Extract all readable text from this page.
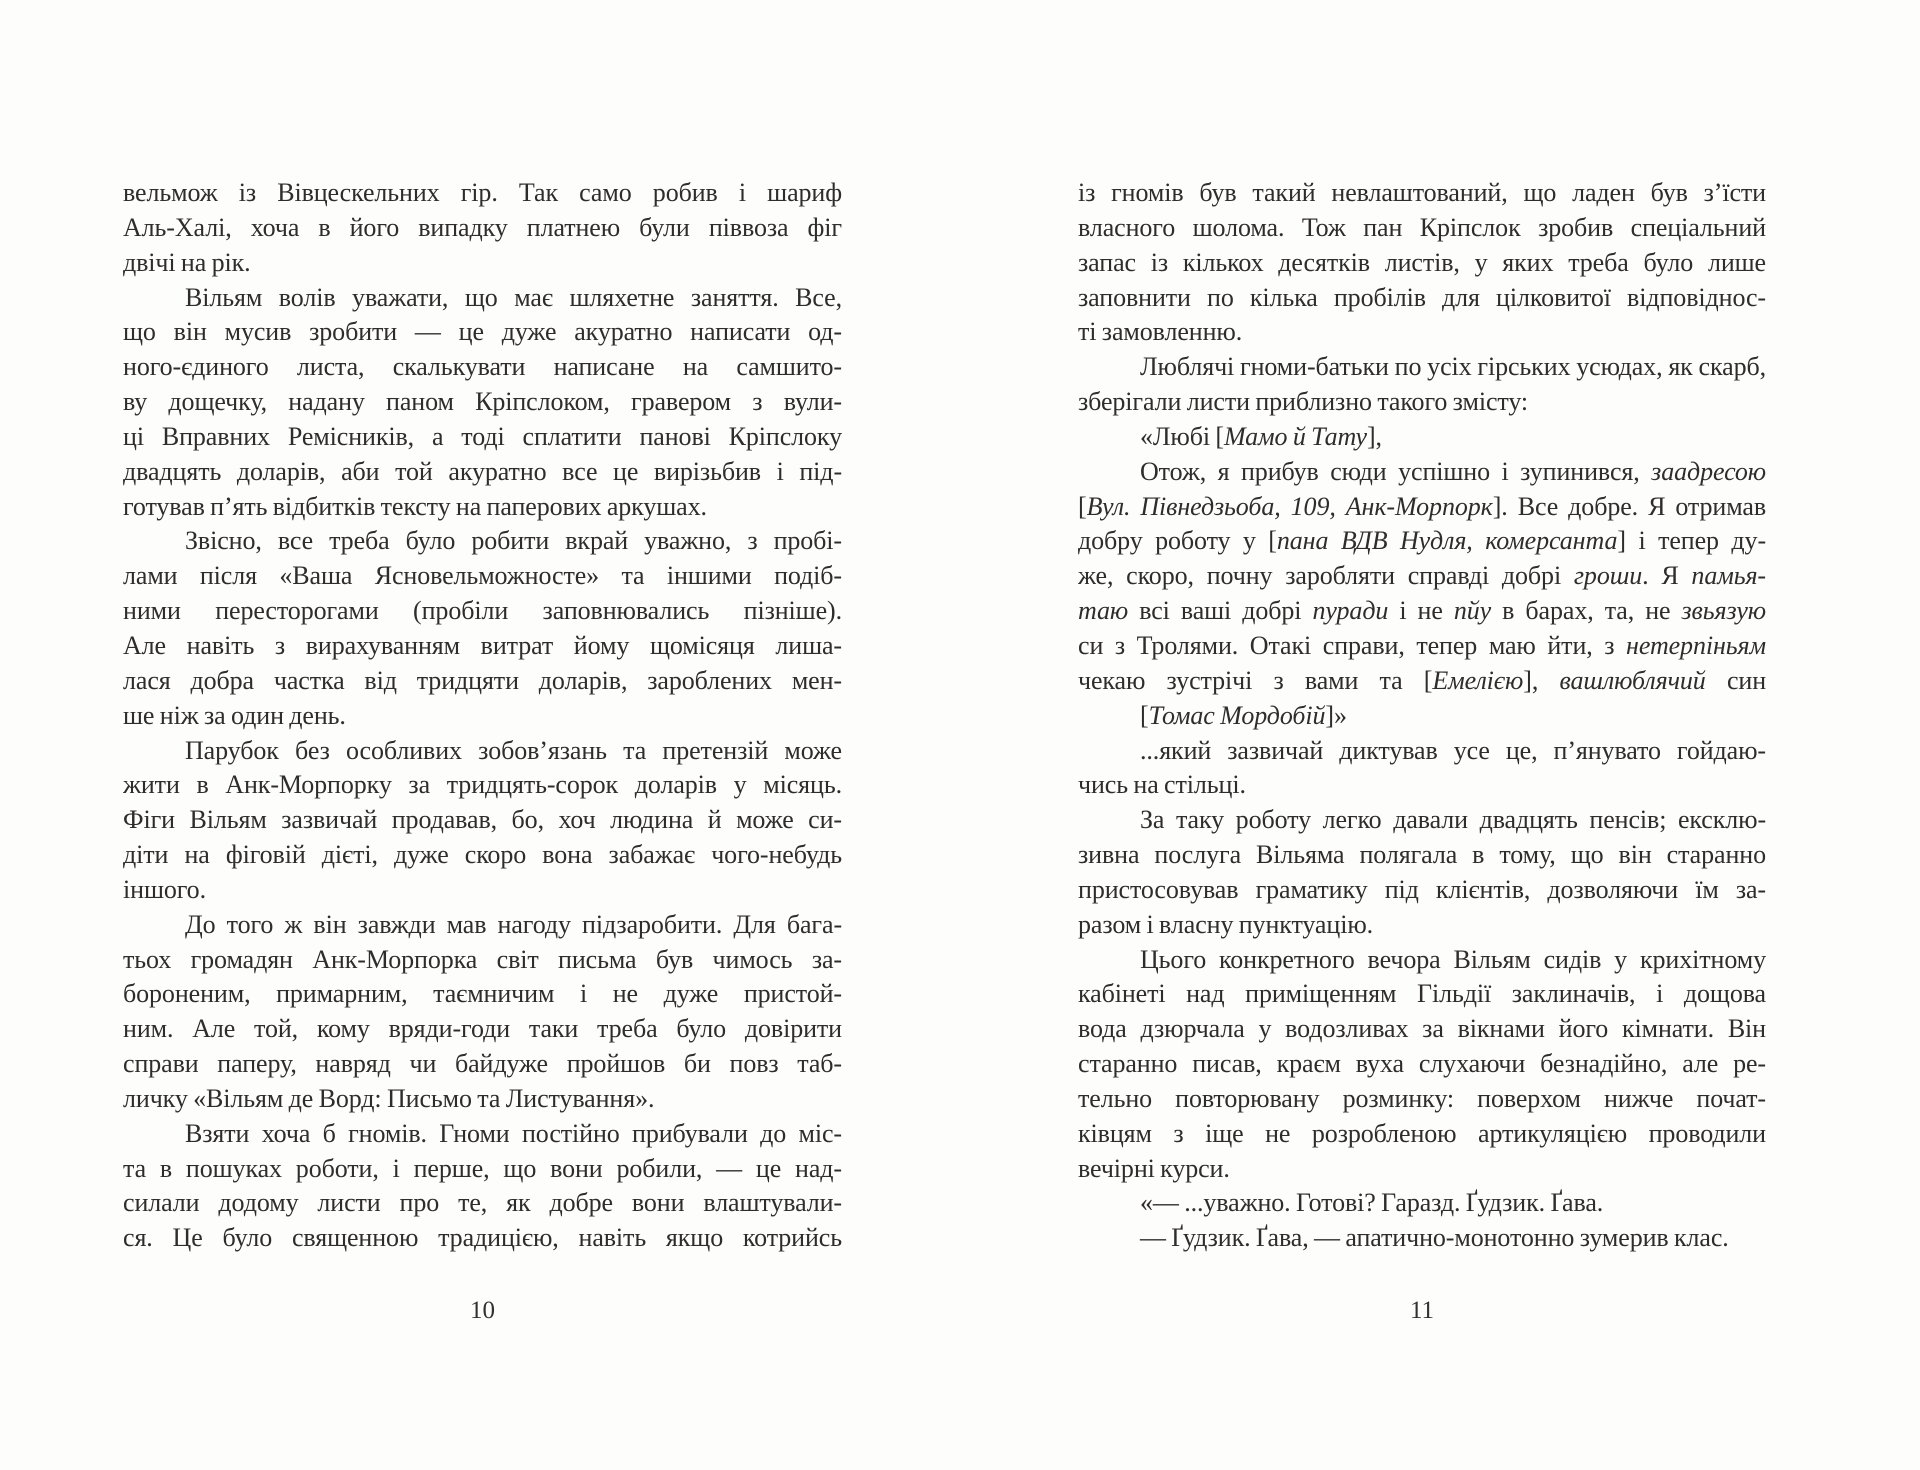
вельмож із Вівцескельних гір. Так само робив і шариф
Аль-Халі, хоча в його випадку платнею були піввоза фіг
двічі на рік.
Вільям волів уважати, що має шляхетне заняття. Все,
що він мусив зробити — це дуже акуратно написати од-
ного-єдиного листа, скалькувати написане на самшито-
ву дощечку, надану паном Кріпслоком, гравером з вули-
ці Вправних Ремісників, а тоді сплатити панові Кріпслоку
двадцять доларів, аби той акуратно все це вирізьбив і під-
готував п’ять відбитків тексту на паперових аркушах.
Звісно, все треба було робити вкрай уважно, з пробі-
лами після «Ваша Ясновельможносте» та іншими подіб-
ними пересторогами (пробіли заповнювались пізніше).
Але навіть з вирахуванням витрат йому щомісяця лиша-
лася добра частка від тридцяти доларів, зароблених мен-
ше ніж за один день.
Парубок без особливих зобов’язань та претензій може
жити в Анк-Морпорку за тридцять-сорок доларів у місяць.
Фіги Вільям зазвичай продавав, бо, хоч людина й може си-
діти на фіговій дієті, дуже скоро вона забажає чого-небудь
іншого.
До того ж він завжди мав нагоду підзаробити. Для бага-
тьох громадян Анк-Морпорка світ письма був чимось за-
бороненим, примарним, таємничим і не дуже пристой-
ним. Але той, кому вряди-годи таки треба було довірити
справи паперу, навряд чи байдуже пройшов би повз таб-
личку «Вільям де Ворд: Письмо та Листування».
Взяти хоча б гномів. Гноми постійно прибували до міс-
та в пошуках роботи, і перше, що вони робили, — це над-
силали додому листи про те, як добре вони влаштували-
ся. Це було священною традицією, навіть якщо котрийсь
із гномів був такий невлаштований, що ладен був з’їсти
власного шолома. Тож пан Кріпслок зробив спеціальний
запас із кількох десятків листів, у яких треба було лише
заповнити по кілька пробілів для цілковитої відповіднос-
ті замовленню.
Люблячі гноми-батьки по усіх гірських усюдах, як скарб,
зберігали листи приблизно такого змісту:
«Любі [Мамо й Тату],
Отож, я прибув сюди успішно і зупинився, заадресою
[Вул. Півнедзьоба, 109, Анк-Морпорк]. Все добре. Я отримав
добру роботу у [пана ВДВ Нудля, комерсанта] і тепер ду-
же, скоро, почну заробляти справді добрі гроши. Я памья-
таю всі ваші добрі пуради і не пйу в барах, та, не звьязую
си з Тролями. Отакі справи, тепер маю йти, з нетерпіньям
чекаю зустрічі з вами та [Емелією], вашлюблячий син
[Томас Мордобій]»
...який зазвичай диктував усе це, п’янувато гойдаю-
чись на стільці.
За таку роботу легко давали двадцять пенсів; ексклю-
зивна послуга Вільяма полягала в тому, що він старанно
пристосовував граматику під клієнтів, дозволяючи їм за-
разом і власну пунктуацію.
Цього конкретного вечора Вільям сидів у крихітному
кабінеті над приміщенням Гільдії заклиначів, і дощова
вода дзюрчала у водозливах за вікнами його кімнати. Він
старанно писав, краєм вуха слухаючи безнадійно, але ре-
тельно повторювану розминку: поверхом нижче почат-
ківцям з іще не розробленою артикуляцією проводили
вечірні курси.
«— ...уважно. Готові? Гаразд. Ґудзик. Ґава.
— Ґудзик. Ґава, — апатично-монотонно зумерив клас.
10	11
